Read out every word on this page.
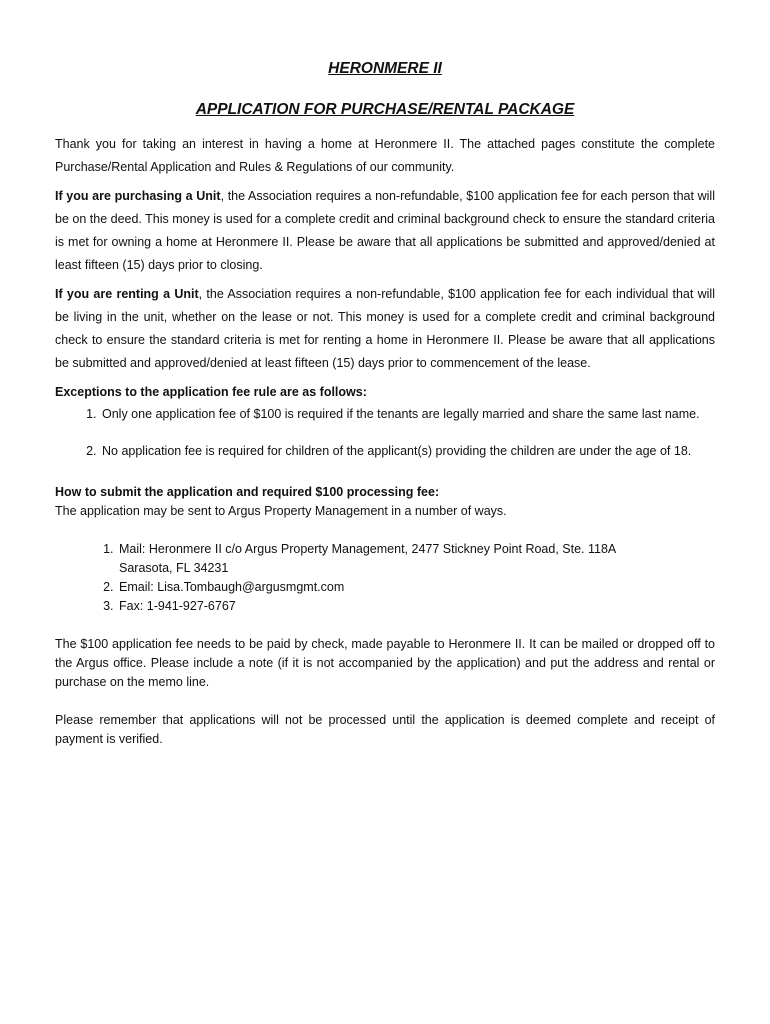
HERONMERE II
APPLICATION FOR PURCHASE/RENTAL PACKAGE

Thank you for taking an interest in having a home at Heronmere II. The attached pages constitute the complete Purchase/Rental Application and Rules & Regulations of our community.

If you are purchasing a Unit, the Association requires a non-refundable, $100 application fee for each person that will be on the deed. This money is used for a complete credit and criminal background check to ensure the standard criteria is met for owning a home at Heronmere II. Please be aware that all applications be submitted and approved/denied at least fifteen (15) days prior to closing.

If you are renting a Unit, the Association requires a non-refundable, $100 application fee for each individual that will be living in the unit, whether on the lease or not. This money is used for a complete credit and criminal background check to ensure the standard criteria is met for renting a home in Heronmere II. Please be aware that all applications be submitted and approved/denied at least fifteen (15) days prior to commencement of the lease.

Exceptions to the application fee rule are as follows:
1. Only one application fee of $100 is required if the tenants are legally married and share the same last name.
2. No application fee is required for children of the applicant(s) providing the children are under the age of 18.
How to submit the application and required $100 processing fee:
The application may be sent to Argus Property Management in a number of ways.
1. Mail: Heronmere II c/o Argus Property Management, 2477 Stickney Point Road, Ste. 118A
Sarasota, FL 34231
2. Email: Lisa.Tombaugh@argusmgmt.com
3. Fax: 1-941-927-6767

The $100 application fee needs to be paid by check, made payable to Heronmere II. It can be mailed or dropped off to the Argus office. Please include a note (if it is not accompanied by the application) and put the address and rental or purchase on the memo line.

Please remember that applications will not be processed until the application is deemed complete and receipt of payment is verified.
